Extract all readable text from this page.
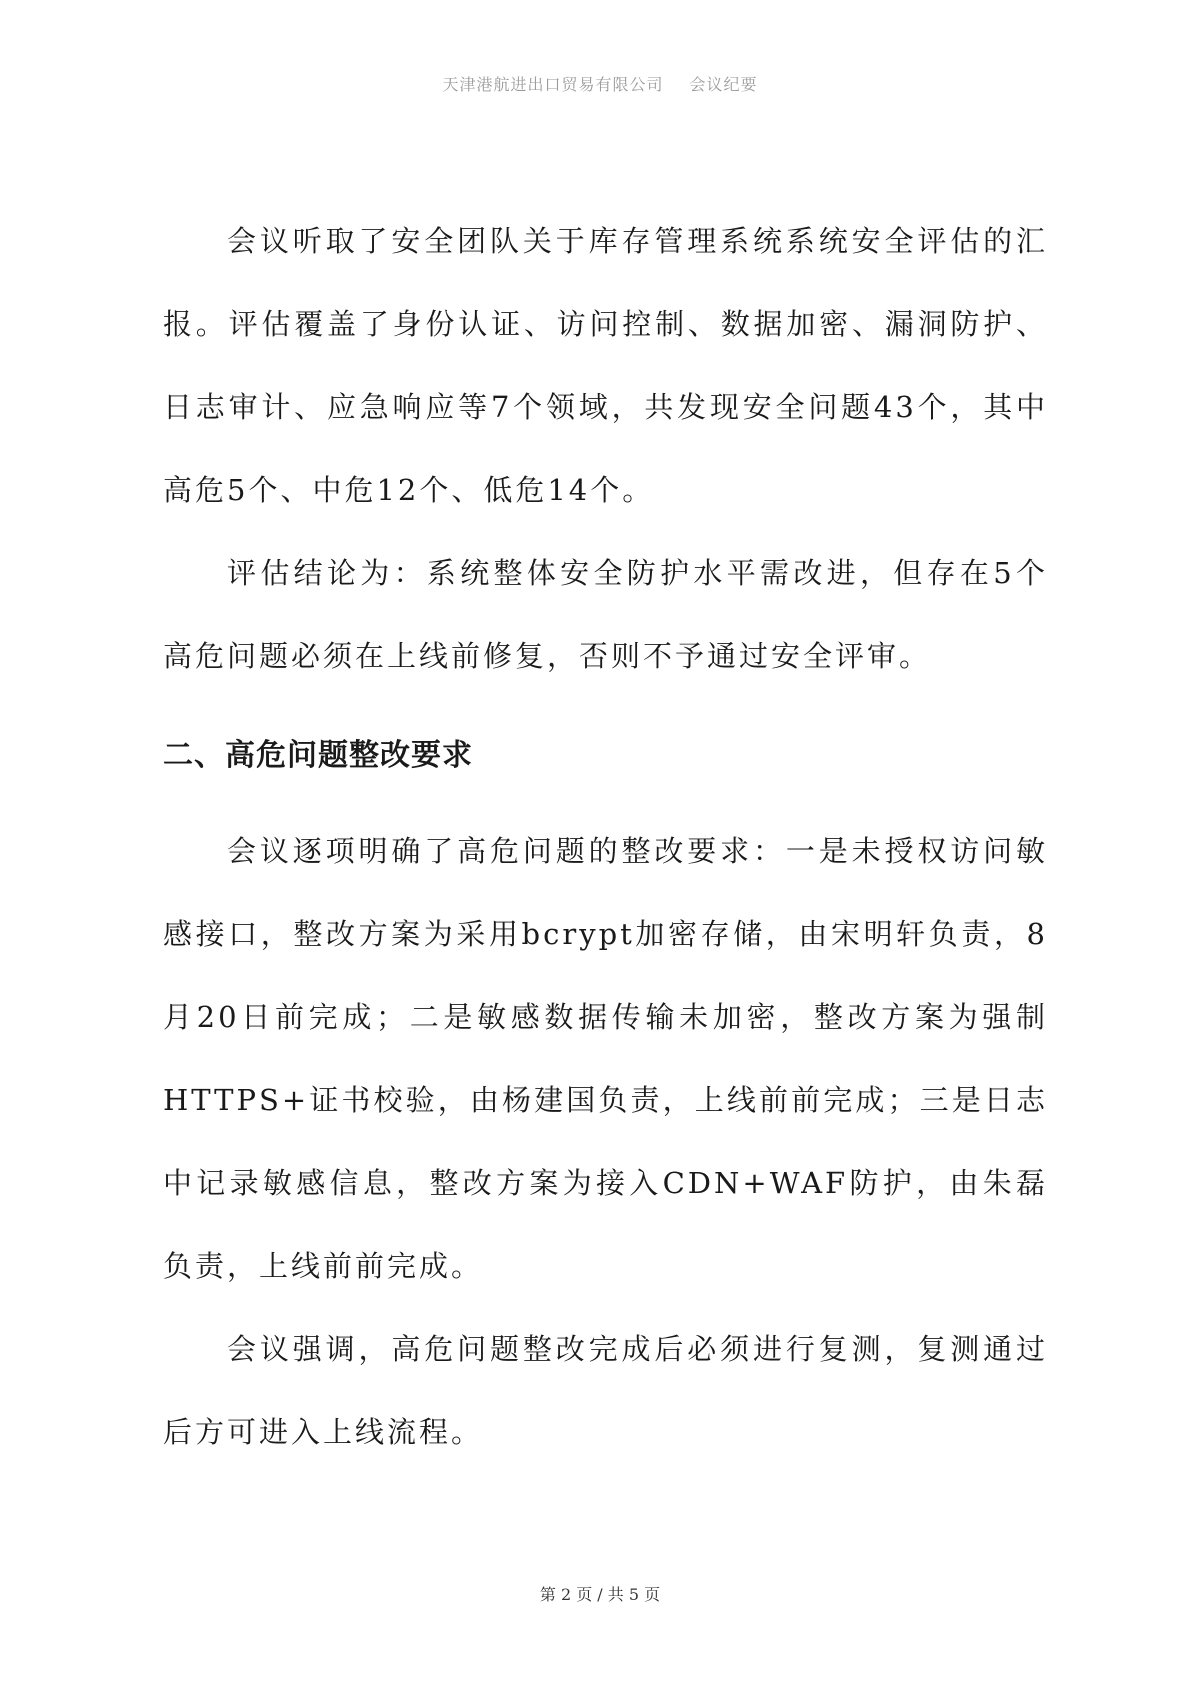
天津港航进出口贸易有限公司 会议纪要

会议听取了安全团队关于库存管理系统系统安全评估的汇报。评估覆盖了身份认证、访问控制、数据加密、漏洞防护、日志审计、应急响应等7个领域，共发现安全问题43个，其中高危5个、中危12个、低危14个。

评估结论为：系统整体安全防护水平需改进，但存在5个高危问题必须在上线前修复，否则不予通过安全评审。

二、高危问题整改要求

会议逐项明确了高危问题的整改要求：一是未授权访问敏感接口，整改方案为采用bcrypt加密存储，由宋明轩负责，8月20日前完成；二是敏感数据传输未加密，整改方案为强制HTTPS+证书校验，由杨建国负责，上线前前完成；三是日志中记录敏感信息，整改方案为接入CDN+WAF防护，由朱磊负责，上线前前完成。

会议强调，高危问题整改完成后必须进行复测，复测通过后方可进入上线流程。

第 2 页 / 共 5 页
